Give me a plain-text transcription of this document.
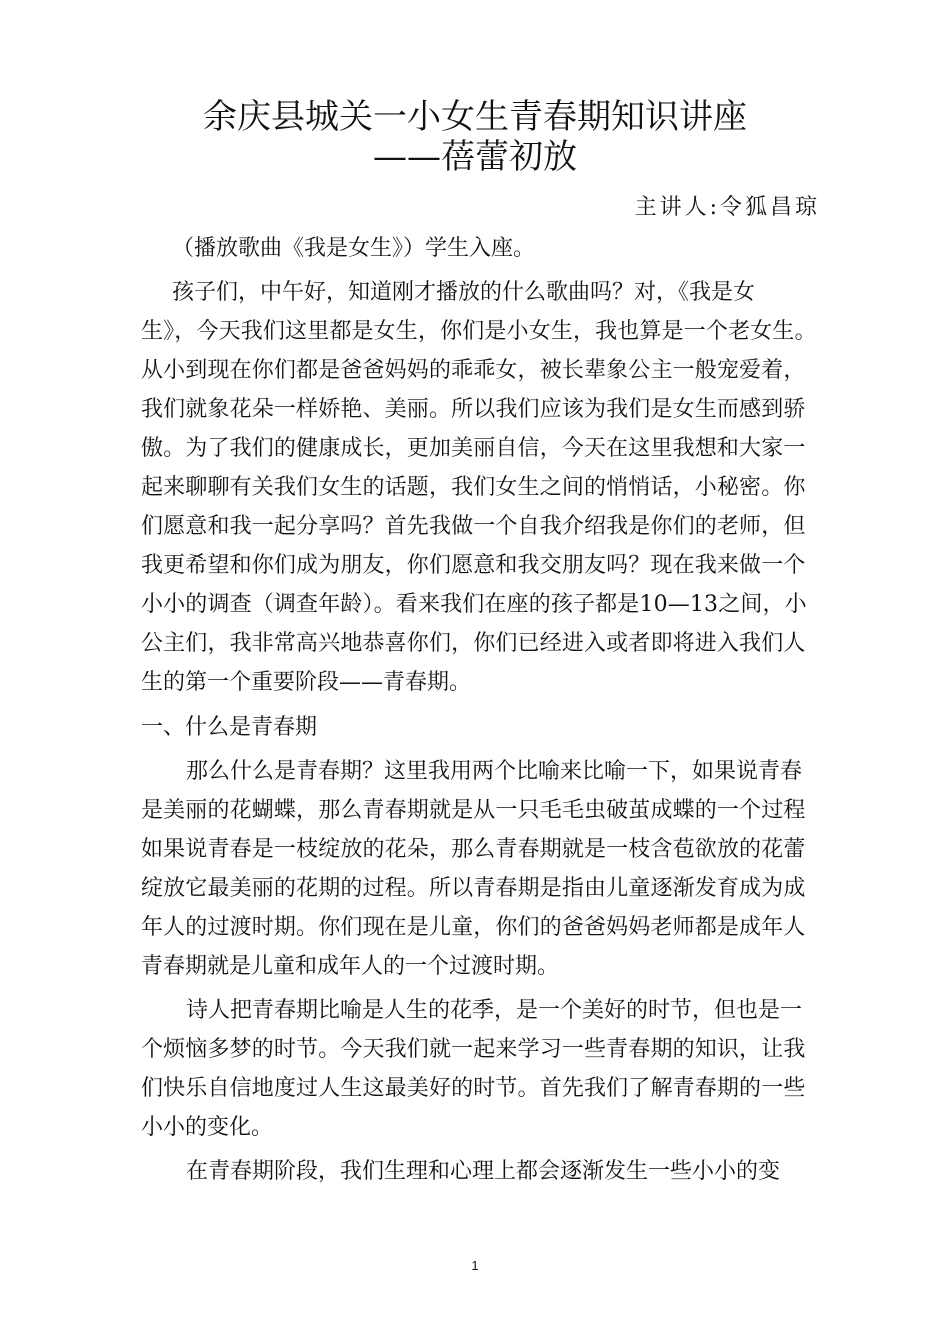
余庆县城关一小女生青春期知识讲座
——蓓蕾初放
主讲人:令狐昌琼
（播放歌曲《我是女生》）学生入座。
孩子们，中午好，知道刚才播放的什么歌曲吗？对，《我是女
生》，今天我们这里都是女生，你们是小女生，我也算是一个老女生。
从小到现在你们都是爸爸妈妈的乖乖女，被长辈象公主一般宠爱着，
我们就象花朵一样娇艳、美丽。所以我们应该为我们是女生而感到骄
傲。为了我们的健康成长，更加美丽自信，今天在这里我想和大家一
起来聊聊有关我们女生的话题，我们女生之间的悄悄话，小秘密。你
们愿意和我一起分享吗？首先我做一个自我介绍我是你们的老师，但
我更希望和你们成为朋友，你们愿意和我交朋友吗？现在我来做一个
小小的调查（调查年龄）。看来我们在座的孩子都是10—13之间，小
公主们，我非常高兴地恭喜你们，你们已经进入或者即将进入我们人
生的第一个重要阶段——青春期。
一、什么是青春期
那么什么是青春期？这里我用两个比喻来比喻一下，如果说青春
是美丽的花蝴蝶，那么青春期就是从一只毛毛虫破茧成蝶的一个过程
如果说青春是一枝绽放的花朵，那么青春期就是一枝含苞欲放的花蕾
绽放它最美丽的花期的过程。所以青春期是指由儿童逐渐发育成为成
年人的过渡时期。你们现在是儿童，你们的爸爸妈妈老师都是成年人
青春期就是儿童和成年人的一个过渡时期。
诗人把青春期比喻是人生的花季，是一个美好的时节，但也是一
个烦恼多梦的时节。今天我们就一起来学习一些青春期的知识，让我
们快乐自信地度过人生这最美好的时节。首先我们了解青春期的一些
小小的变化。
在青春期阶段，我们生理和心理上都会逐渐发生一些小小的变
1
